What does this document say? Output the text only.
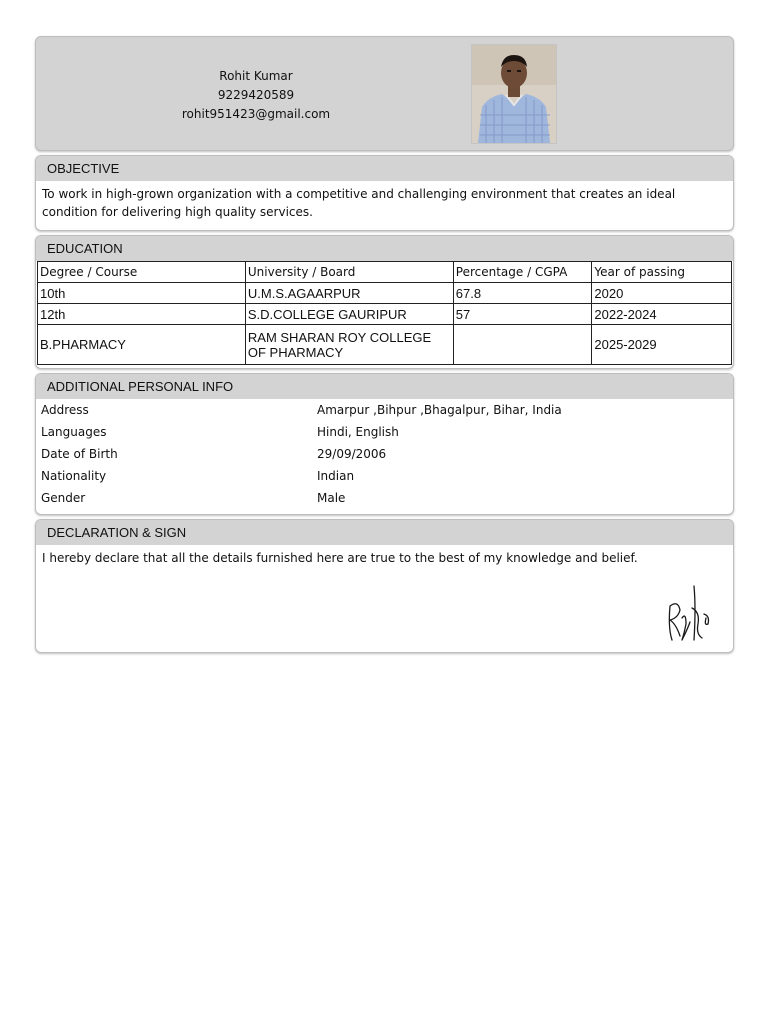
Rohit Kumar
9229420589
rohit951423@gmail.com
OBJECTIVE
To work in high-grown organization with a competitive and challenging environment that creates an ideal condition for delivering high quality services.
EDUCATION
Degree / Course	University / Board	Percentage / CGPA	Year of passing
10th	U.M.S.AGAARPUR	67.8	2020
12th	S.D.COLLEGE GAURIPUR	57	2022-2024
B.PHARMACY	RAM SHARAN ROY COLLEGE OF PHARMACY		2025-2029
ADDITIONAL PERSONAL INFO
Address	Amarpur ,Bihpur ,Bhagalpur, Bihar, India
Languages	Hindi, English
Date of Birth	29/09/2006
Nationality	Indian
Gender	Male
DECLARATION & SIGN
I hereby declare that all the details furnished here are true to the best of my knowledge and belief.
